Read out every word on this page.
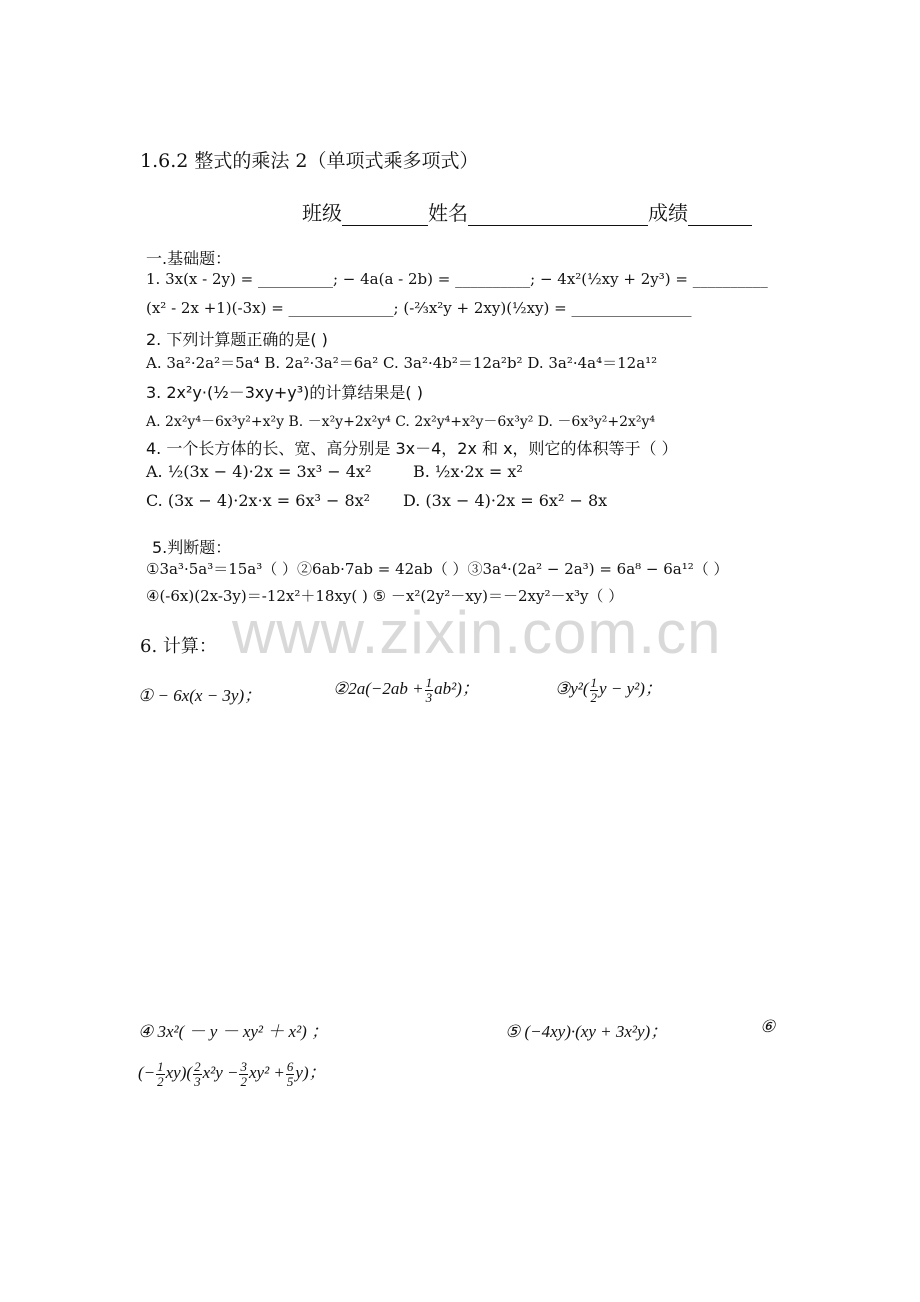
www.zixin.com.cn
1.6.2 整式的乘法 2（单项式乘多项式）
班级	姓名	成绩
一.基础题：
1. 3x(x - 2y) = __________; − 4a(a - 2b) = __________; − 4x²(½xy + 2y³) = __________
(x² - 2x +1)(-3x) = ______________; (-⅔x²y + 2xy)(½xy) = ________________
2. 下列计算题正确的是( )
A. 3a²·2a²＝5a⁴ B. 2a²·3a²＝6a² C. 3a²·4b²＝12a²b² D. 3a²·4a⁴＝12a¹²
3. 2x²y·(½－3xy+y³)的计算结果是( )
A. 2x²y⁴－6x³y²+x²y B. －x²y+2x²y⁴ C. 2x²y⁴+x²y－6x³y² D. －6x³y²+2x²y⁴
4. 一个长方体的长、宽、高分别是 3x－4，2x 和 x，则它的体积等于（ ）
A. ½(3x − 4)·2x = 3x³ − 4x²	B. ½x·2x = x²
C. (3x − 4)·2x·x = 6x³ − 8x² D. (3x − 4)·2x = 6x² − 8x
5.判断题：
①3a³·5a³＝15a³（ ）②6ab·7ab = 42ab（ ）③3a⁴·(2a² − 2a³) = 6a⁸ − 6a¹²（ ）
④(-6x)(2x-3y)＝-12x²＋18xy( ) ⑤ －x²(2y²－xy)＝－2xy²－x³y（ ）
6. 计算：
① − 6x(x − 3y)；	②2a(−2ab + $\frac{1}{3} ab^2$)；	③y²( $\frac{1}{2}$ y − y²)；
④ 3x²( － y － xy² ＋ x²) ；	⑤ (−4xy)·(xy + 3x²y)；	⑥
(− $\frac{1}{2} xy)( \frac{2}{3} x^2y - \frac{3}{2} xy^2 + \frac{6}{5} y)$；
